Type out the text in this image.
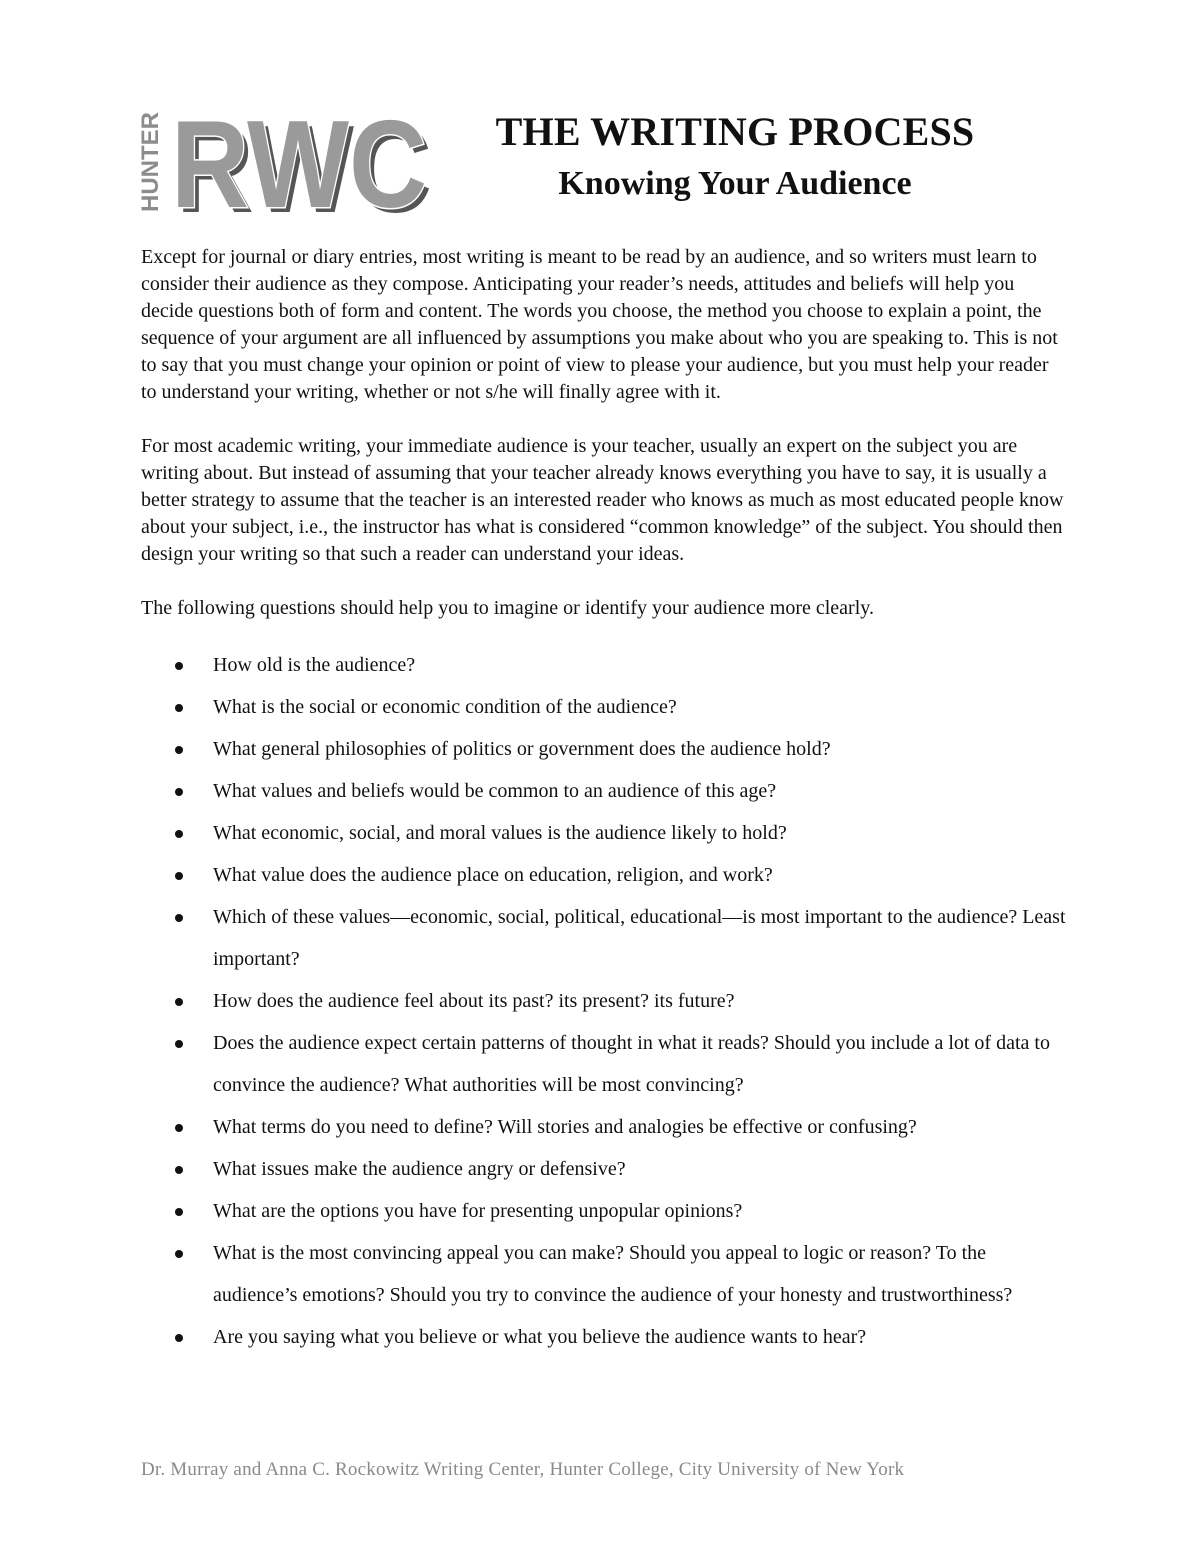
HUNTER RWC
RWC	THE WRITING PROCESS
Knowing Your Audience

Except for journal or diary entries, most writing is meant to be read by an audience, and so writers must learn to consider their audience as they compose. Anticipating your reader’s needs, attitudes and beliefs will help you decide questions both of form and content. The words you choose, the method you choose to explain a point, the sequence of your argument are all influenced by assumptions you make about who you are speaking to. This is not to say that you must change your opinion or point of view to please your audience, but you must help your reader to understand your writing, whether or not s/he will finally agree with it.

For most academic writing, your immediate audience is your teacher, usually an expert on the subject you are writing about. But instead of assuming that your teacher already knows everything you have to say, it is usually a better strategy to assume that the teacher is an interested reader who knows as much as most educated people know about your subject, i.e., the instructor has what is considered “common knowledge” of the subject. You should then design your writing so that such a reader can understand your ideas.

The following questions should help you to imagine or identify your audience more clearly.

How old is the audience?
What is the social or economic condition of the audience?
What general philosophies of politics or government does the audience hold?
What values and beliefs would be common to an audience of this age?
What economic, social, and moral values is the audience likely to hold?
What value does the audience place on education, religion, and work?
Which of these values—economic, social, political, educational—is most important to the audience? Least important?
How does the audience feel about its past? its present? its future?
Does the audience expect certain patterns of thought in what it reads? Should you include a lot of data to convince the audience? What authorities will be most convincing?
What terms do you need to define? Will stories and analogies be effective or confusing?
What issues make the audience angry or defensive?
What are the options you have for presenting unpopular opinions?
What is the most convincing appeal you can make? Should you appeal to logic or reason? To the audience’s emotions? Should you try to convince the audience of your honesty and trustworthiness?
Are you saying what you believe or what you believe the audience wants to hear?
Dr. Murray and Anna C. Rockowitz Writing Center, Hunter College, City University of New York
